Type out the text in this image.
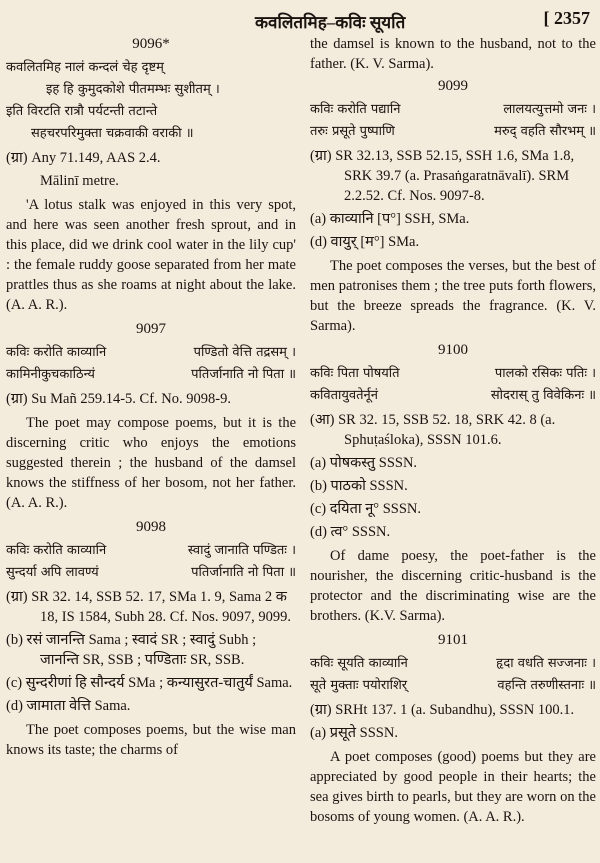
कवलितमिह–कविः सूयति	[ 2357
9096*
कवलितमिह नालं कन्दलं चेह दृष्टम्
इह हि कुमुदकोशे पीतमम्भः सुशीतम् ।
इति विरटति रात्रौ पर्यटन्ती तटान्ते
सहचरपरिमुक्ता चक्रवाकी वराकी ॥
(ग्रा) Any 71.149, AAS 2.4.
Mālinī metre.
'A lotus stalk was enjoyed in this very spot, and here was seen another fresh sprout, and in this place, did we drink cool water in the lily cup' : the female ruddy goose separated from her mate prattles thus as she roams at night about the lake. (A. A. R.).
9097
कविः करोति काव्यानि	पण्डितो वेत्ति तद्रसम् ।
कामिनीकुचकाठिन्यं	पतिर्जानाति नो पिता ॥
(ग्रा) Su Mañ 259.14-5. Cf. No. 9098-9.
The poet may compose poems, but it is the discerning critic who enjoys the emotions suggested therein ; the husband of the damsel knows the stiffness of her bosom, not her father. (A. A. R.).
9098
कविः करोति काव्यानि	स्वादुं जानाति पण्डितः ।
सुन्दर्या अपि लावण्यं	पतिर्जानाति नो पिता ॥
(ग्रा) SR 32. 14, SSB 52. 17, SMa 1. 9, Sama 2 क 18, IS 1584, Subh 28. Cf. Nos. 9097, 9099.
(b) रसं जानन्ति Sama ; स्वादं SR ; स्वादुं Subh ; जानन्ति SR, SSB ; पण्डिताः SR, SSB.
(c) सुन्दरीणां हि सौन्दर्य SMa ; कन्यासुरत-चातुर्यं Sama.
(d) जामाता वेत्ति Sama.
The poet composes poems, but the wise man knows its taste; the charms of
the damsel is known to the husband, not to the father. (K. V. Sarma).
9099
कविः करोति पद्यानि	लालयत्युत्तमो जनः ।
तरुः प्रसूते पुष्पाणि	मरुद् वहति सौरभम् ॥
(ग्रा) SR 32.13, SSB 52.15, SSH 1.6, SMa 1.8, SRK 39.7 (a. Prasaṅgaratnāvalī). SRM 2.2.52. Cf. Nos. 9097-8.
(a) काव्यानि [प°] SSH, SMa.
(d) वायुर् [म°] SMa.
The poet composes the verses, but the best of men patronises them ; the tree puts forth flowers, but the breeze spreads the fragrance. (K. V. Sarma).
9100
कविः पिता पोषयति	पालको रसिकः पतिः ।
कवितायुवतेर्नूनं	सोदरास् तु विवेकिनः ॥
(आ) SR 32. 15, SSB 52. 18, SRK 42. 8 (a. Sphuṭaśloka), SSSN 101.6.
(a) पोषकस्तु SSSN.
(b) पाठको SSSN.
(c) दयिता नू° SSSN.
(d) त्व° SSSN.
Of dame poesy, the poet-father is the nourisher, the discerning critic-husband is the protector and the discriminating wise are the brothers. (K.V. Sarma).
9101
कविः सूयति काव्यानि	हृदा वधति सज्जनाः ।
सूते मुक्ताः पयोराशिर्	वहन्ति तरुणीस्तनाः ॥
(ग्रा) SRHt 137. 1 (a. Subandhu), SSSN 100.1.
(a) प्रसूते SSSN.
A poet composes (good) poems but they are appreciated by good people in their hearts; the sea gives birth to pearls, but they are worn on the bosoms of young women. (A. A. R.).
